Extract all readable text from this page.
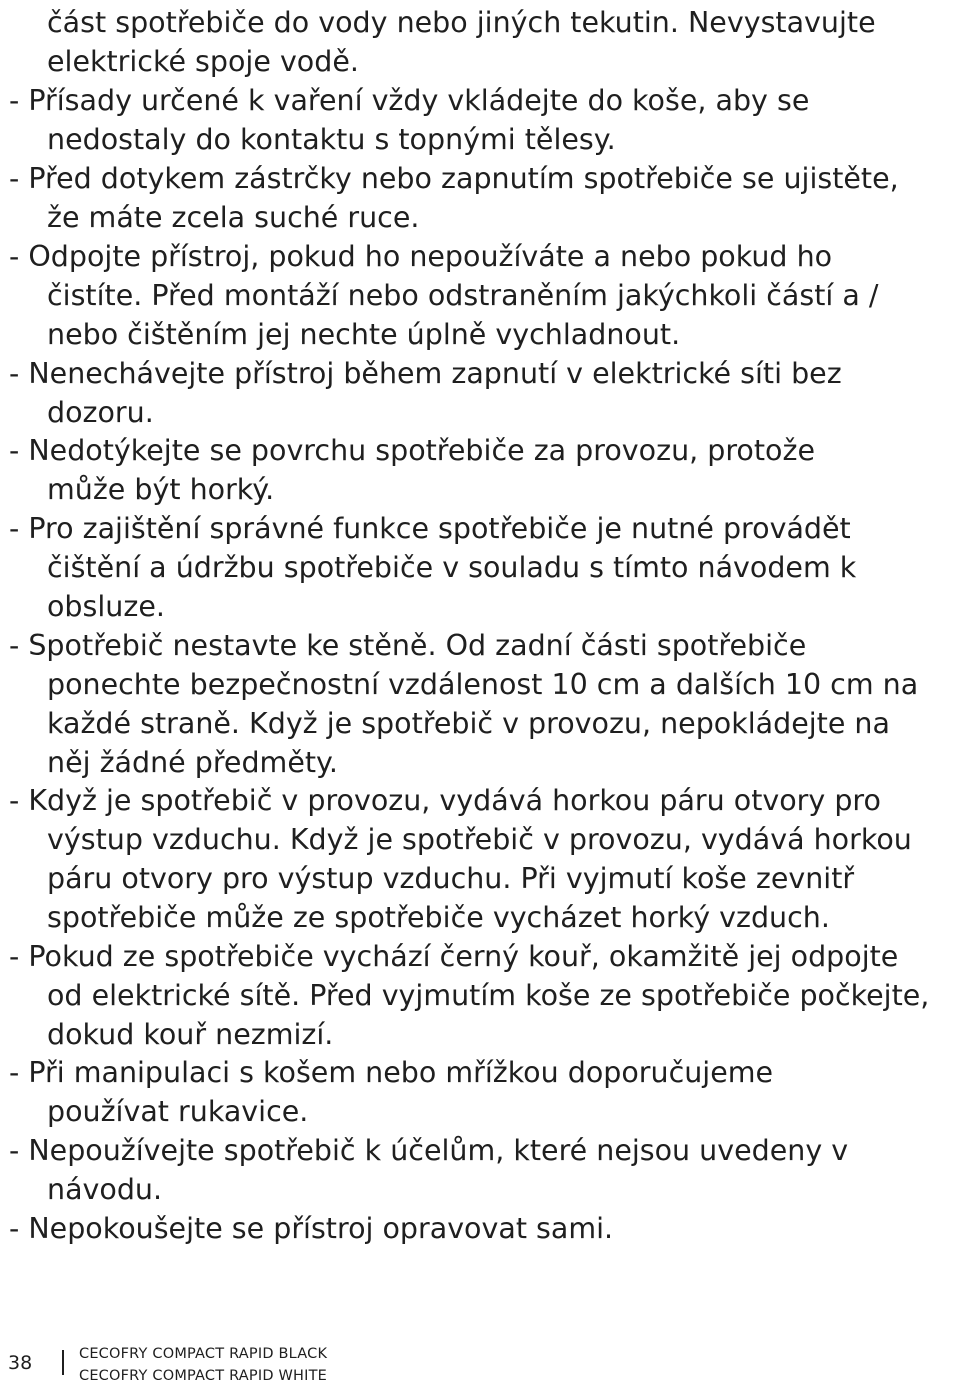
část spotřebiče do vody nebo jiných tekutin. Nevystavujte
elektrické spoje vodě.
- Přísady určené k vaření vždy vkládejte do koše, aby se
nedostaly do kontaktu s topnými tělesy.
- Před dotykem zástrčky nebo zapnutím spotřebiče se ujistěte,
že máte zcela suché ruce.
- Odpojte přístroj, pokud ho nepoužíváte a nebo pokud ho
čistíte. Před montáží nebo odstraněním jakýchkoli částí a /
nebo čištěním jej nechte úplně vychladnout.
- Nenechávejte přístroj během zapnutí v elektrické síti bez
dozoru.
- Nedotýkejte se povrchu spotřebiče za provozu, protože
může být horký.
- Pro zajištění správné funkce spotřebiče je nutné provádět
čištění a údržbu spotřebiče v souladu s tímto návodem k
obsluze.
- Spotřebič nestavte ke stěně. Od zadní části spotřebiče
ponechte bezpečnostní vzdálenost 10 cm a dalších 10 cm na
každé straně. Když je spotřebič v provozu, nepokládejte na
něj žádné předměty.
- Když je spotřebič v provozu, vydává horkou páru otvory pro
výstup vzduchu. Když je spotřebič v provozu, vydává horkou
páru otvory pro výstup vzduchu. Při vyjmutí koše zevnitř
spotřebiče může ze spotřebiče vycházet horký vzduch.
- Pokud ze spotřebiče vychází černý kouř, okamžitě jej odpojte
od elektrické sítě. Před vyjmutím koše ze spotřebiče počkejte,
dokud kouř nezmizí.
- Při manipulaci s košem nebo mřížkou doporučujeme
používat rukavice.
- Nepoužívejte spotřebič k účelům, které nejsou uvedeny v
návodu.
- Nepokoušejte se přístroj opravovat sami.
38	CECOFRY COMPACT RAPID BLACK
CECOFRY COMPACT RAPID WHITE
